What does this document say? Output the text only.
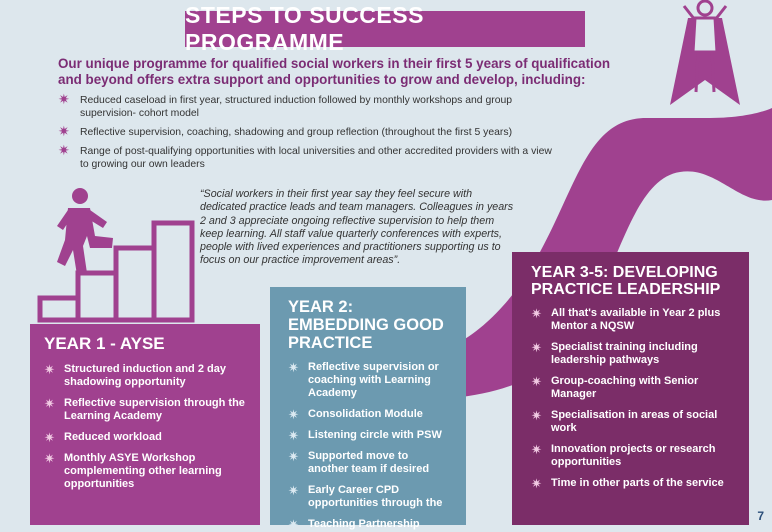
STEPS TO SUCCESS PROGRAMME
Our unique programme for qualified social workers in their first 5 years of qualification and beyond offers extra support and opportunities to grow and develop, including:
✷ Reduced caseload in first year, structured induction followed by monthly workshops and group supervision- cohort model
✷ Reflective supervision, coaching, shadowing and group reflection (throughout the first 5 years)
✷ Range of post-qualifying opportunities with local universities and other accredited providers with a view to growing our own leaders
“Social workers in their first year say they feel secure with dedicated practice leads and team managers. Colleagues in years 2 and 3 appreciate ongoing reflective supervision to help them keep learning. All staff value quarterly conferences with experts, people with lived experiences and practitioners supporting us to focus on our practice improvement areas”.
YEAR 1 - AYSE
✷ Structured induction and 2 day shadowing opportunity
✷ Reflective supervision through the Learning Academy
✷ Reduced workload
✷ Monthly ASYE Workshop complementing other learning opportunities
YEAR 2: EMBEDDING GOOD PRACTICE
✷ Reflective supervision or coaching with Learning Academy
✷ Consolidation Module
✷ Listening circle with PSW
✷ Supported move to another team if desired
✷ Early Career CPD opportunities through the
✷ Teaching Partnership
YEAR 3-5: DEVELOPING PRACTICE LEADERSHIP
✷ All that's available in Year 2 plus Mentor a NQSW
✷ Specialist training including leadership pathways
✷ Group-coaching with Senior Manager
✷ Specialisation in areas of social work
✷ Innovation projects or research opportunities
✷ Time in other parts of the service
7
